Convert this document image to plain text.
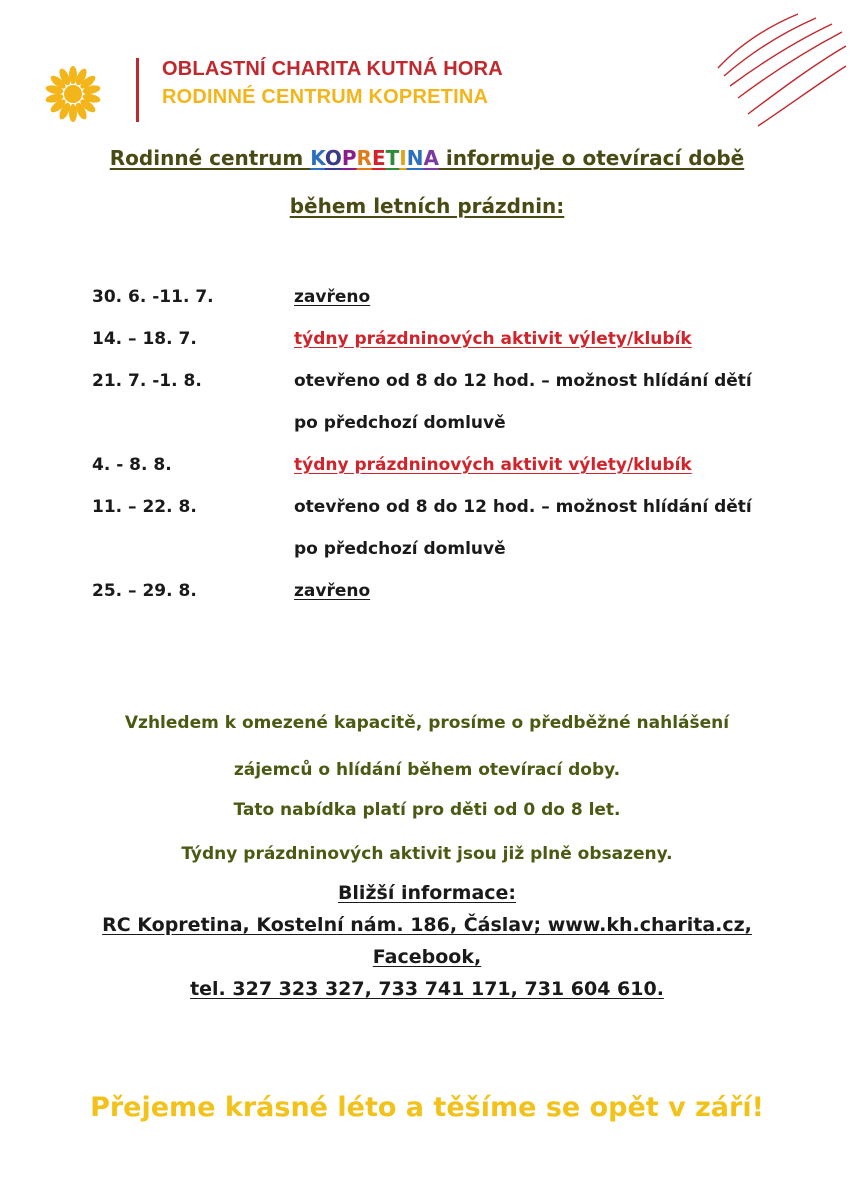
OBLASTNÍ CHARITA KUTNÁ HORA
RODINNÉ CENTRUM KOPRETINA
Rodinné centrum KOPRETINA informuje o otevírací době
během letních prázdnin:
30. 6. -11. 7.	zavřeno
14. – 18. 7.	týdny prázdninových aktivit výlety/klubík
21. 7. -1. 8.	otevřeno od 8 do 12 hod. – možnost hlídání dětí
po předchozí domluvě
4. - 8. 8.	týdny prázdninových aktivit výlety/klubík
11. – 22. 8.	otevřeno od 8 do 12 hod. – možnost hlídání dětí
po předchozí domluvě
25. – 29. 8.	zavřeno
Vzhledem k omezené kapacitě, prosíme o předběžné nahlášení
zájemců o hlídání během otevírací doby.
Tato nabídka platí pro děti od 0 do 8 let.
Týdny prázdninových aktivit jsou již plně obsazeny.
Bližší informace:
RC Kopretina, Kostelní nám. 186, Čáslav; www.kh.charita.cz,
Facebook,
tel. 327 323 327, 733 741 171, 731 604 610.
Přejeme krásné léto a těšíme se opět v září!
